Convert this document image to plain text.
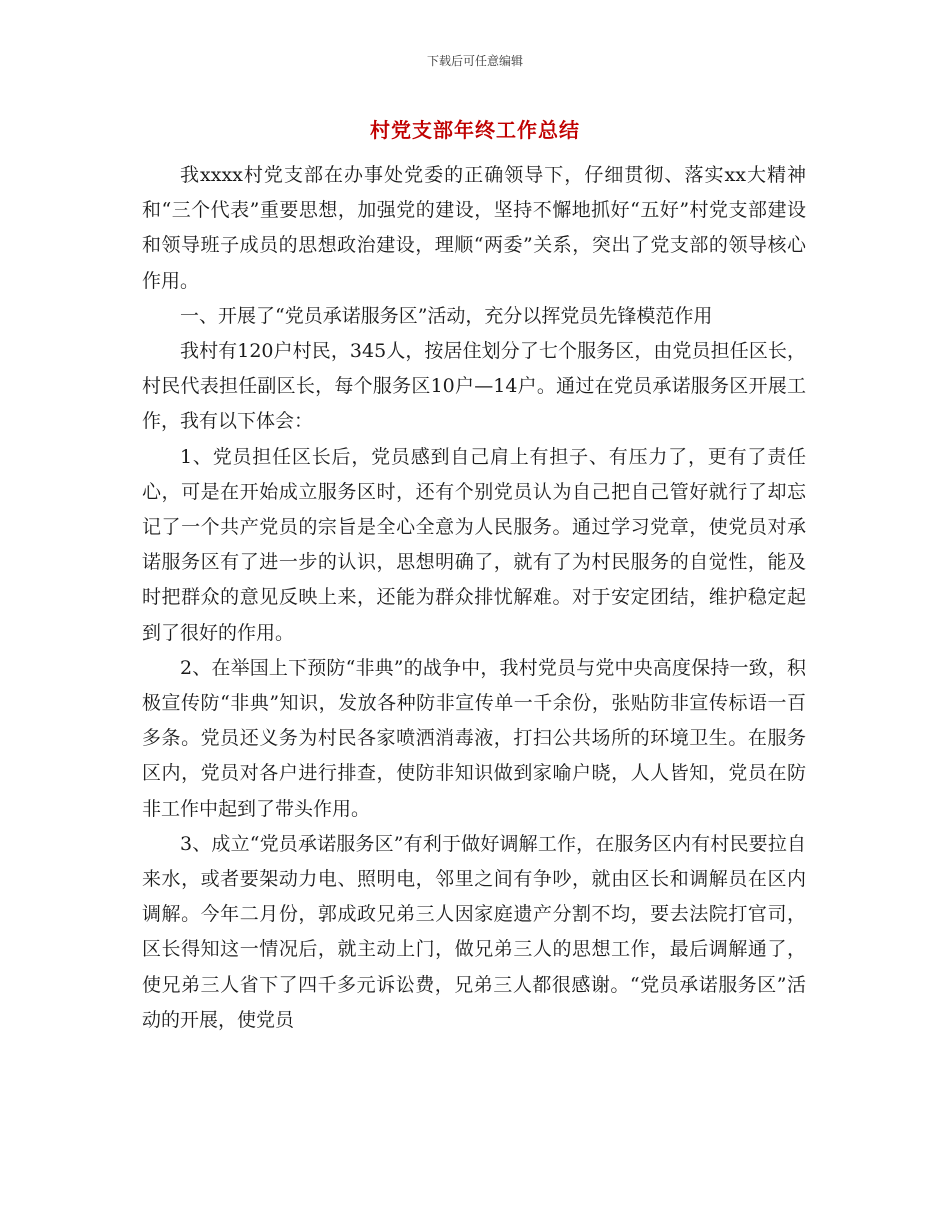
下载后可任意编辑
村党支部年终工作总结

我xxxx村党支部在办事处党委的正确领导下，仔细贯彻、落实xx大精神和“三个代表”重要思想，加强党的建设，坚持不懈地抓好“五好”村党支部建设和领导班子成员的思想政治建设，理顺“两委”关系，突出了党支部的领导核心作用。

一、开展了“党员承诺服务区”活动，充分以挥党员先锋模范作用

我村有120户村民，345人，按居住划分了七个服务区，由党员担任区长，村民代表担任副区长，每个服务区10户—14户。通过在党员承诺服务区开展工作，我有以下体会：

1、党员担任区长后，党员感到自己肩上有担子、有压力了，更有了责任心，可是在开始成立服务区时，还有个别党员认为自己把自己管好就行了却忘记了一个共产党员的宗旨是全心全意为人民服务。通过学习党章，使党员对承诺服务区有了进一步的认识，思想明确了，就有了为村民服务的自觉性，能及时把群众的意见反映上来，还能为群众排忧解难。对于安定团结，维护稳定起到了很好的作用。

2、在举国上下预防“非典”的战争中，我村党员与党中央高度保持一致，积极宣传防“非典”知识，发放各种防非宣传单一千余份，张贴防非宣传标语一百多条。党员还义务为村民各家喷洒消毒液，打扫公共场所的环境卫生。在服务区内，党员对各户进行排查，使防非知识做到家喻户晓，人人皆知，党员在防非工作中起到了带头作用。

3、成立“党员承诺服务区”有利于做好调解工作，在服务区内有村民要拉自来水，或者要架动力电、照明电，邻里之间有争吵，就由区长和调解员在区内调解。今年二月份，郭成政兄弟三人因家庭遗产分割不均，要去法院打官司，区长得知这一情况后，就主动上门，做兄弟三人的思想工作，最后调解通了，使兄弟三人省下了四千多元诉讼费，兄弟三人都很感谢。“党员承诺服务区”活动的开展，使党员
